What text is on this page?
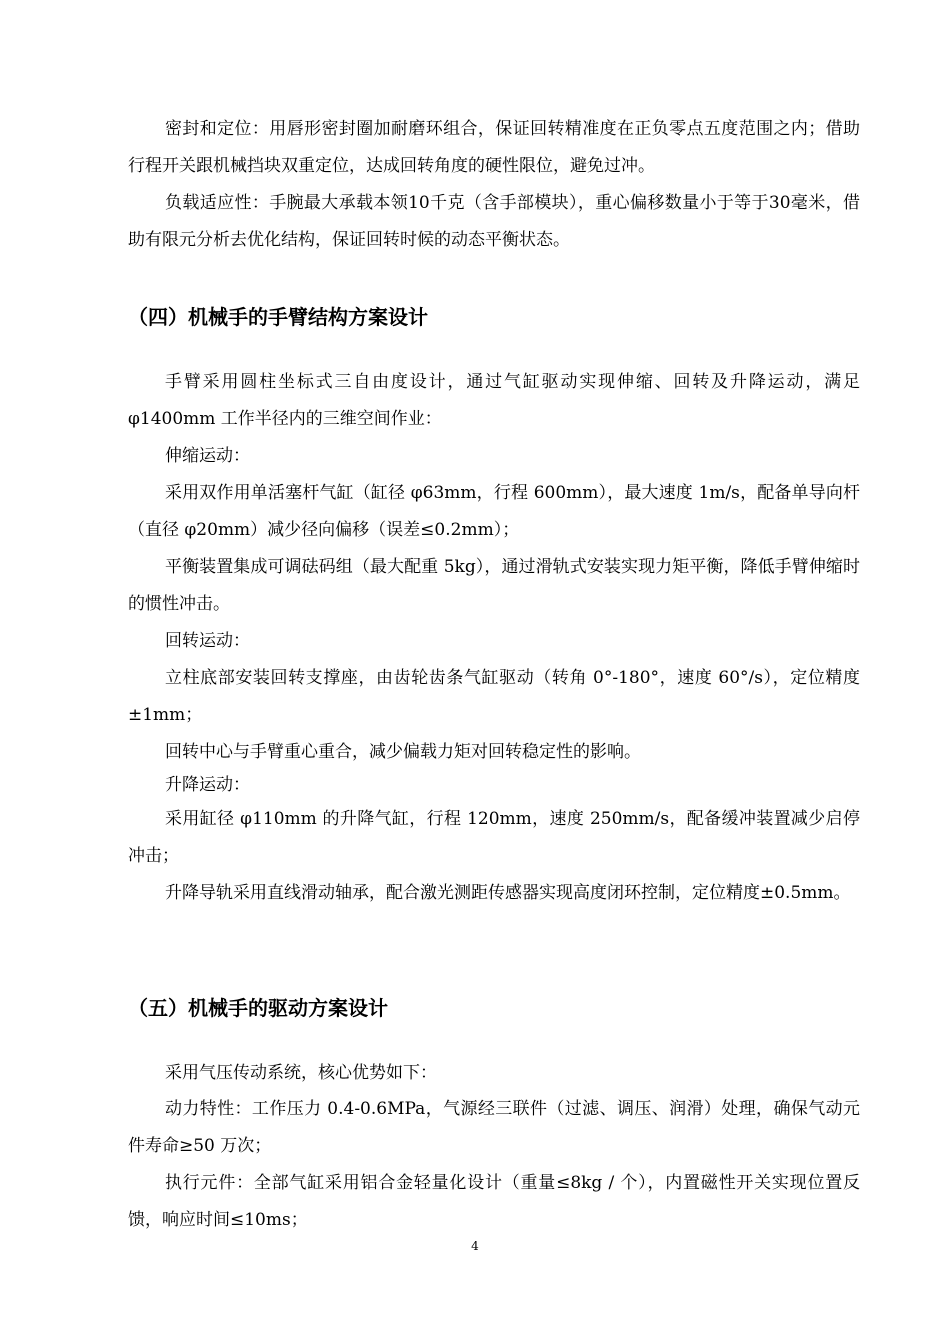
密封和定位：用唇形密封圈加耐磨环组合，保证回转精准度在正负零点五度范围之内；借助行程开关跟机械挡块双重定位，达成回转角度的硬性限位，避免过冲。

负载适应性：手腕最大承载本领10千克（含手部模块），重心偏移数量小于等于30毫米，借助有限元分析去优化结构，保证回转时候的动态平衡状态。

（四）机械手的手臂结构方案设计

手臂采用圆柱坐标式三自由度设计，通过气缸驱动实现伸缩、回转及升降运动，满足 φ1400mm 工作半径内的三维空间作业：

伸缩运动：

采用双作用单活塞杆气缸（缸径 φ63mm，行程 600mm），最大速度 1m/s，配备单导向杆（直径 φ20mm）减少径向偏移（误差≤0.2mm）；

平衡装置集成可调砝码组（最大配重 5kg），通过滑轨式安装实现力矩平衡，降低手臂伸缩时的惯性冲击。

回转运动：

立柱底部安装回转支撑座，由齿轮齿条气缸驱动（转角 0°-180°，速度 60°/s），定位精度 ±1mm；

回转中心与手臂重心重合，减少偏载力矩对回转稳定性的影响。

升降运动：

采用缸径 φ110mm 的升降气缸，行程 120mm，速度 250mm/s，配备缓冲装置减少启停冲击；

升降导轨采用直线滑动轴承，配合激光测距传感器实现高度闭环控制，定位精度±0.5mm。

（五）机械手的驱动方案设计

采用气压传动系统，核心优势如下：

动力特性：工作压力 0.4-0.6MPa，气源经三联件（过滤、调压、润滑）处理，确保气动元件寿命≥50 万次；

执行元件：全部气缸采用铝合金轻量化设计（重量≤8kg / 个），内置磁性开关实现位置反馈，响应时间≤10ms；

4
